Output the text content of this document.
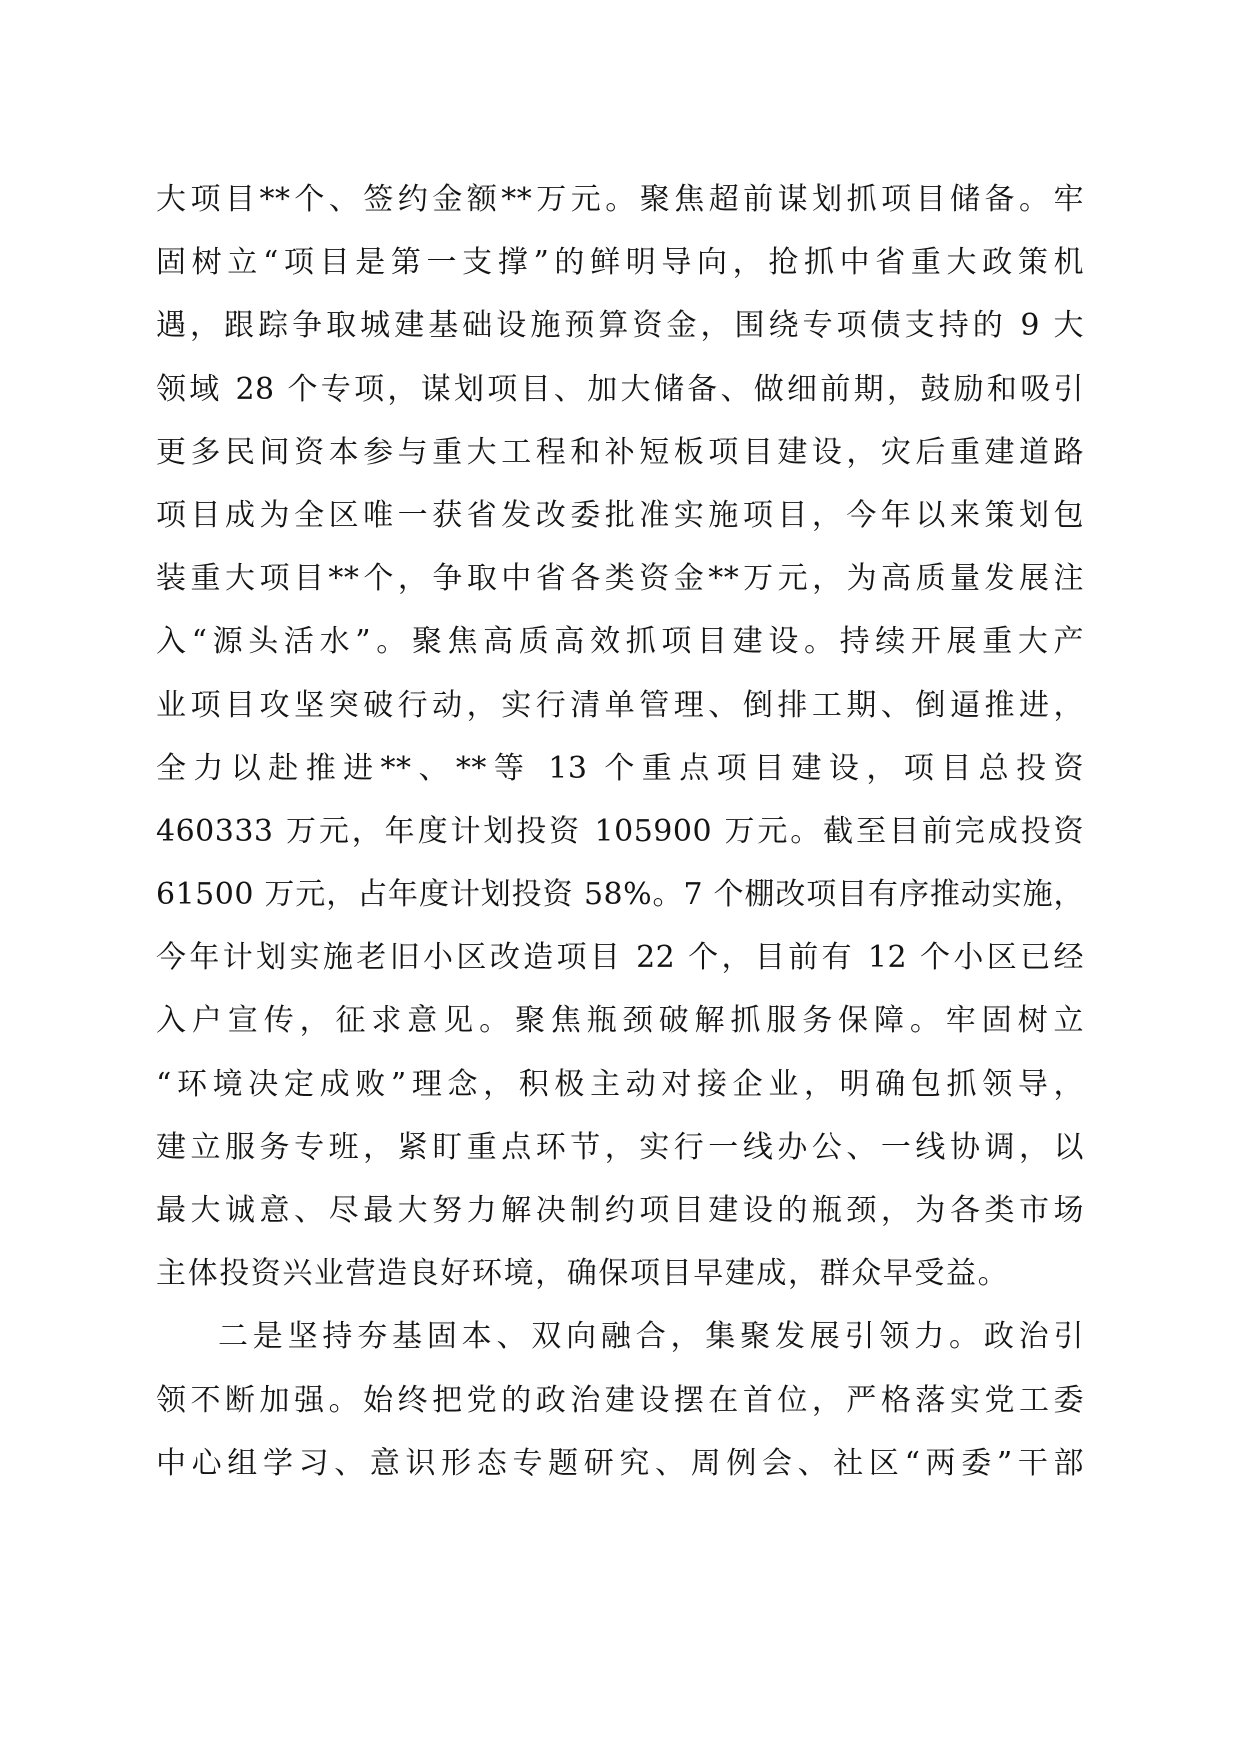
大项目**个、签约金额**万元。聚焦超前谋划抓项目储备。牢
固树立“项目是第一支撑”的鲜明导向，抢抓中省重大政策机
遇，跟踪争取城建基础设施预算资金，围绕专项债支持的 9 大
领域 28 个专项，谋划项目、加大储备、做细前期，鼓励和吸引
更多民间资本参与重大工程和补短板项目建设，灾后重建道路
项目成为全区唯一获省发改委批准实施项目，今年以来策划包
装重大项目**个，争取中省各类资金**万元，为高质量发展注
入“源头活水”。聚焦高质高效抓项目建设。持续开展重大产
业项目攻坚突破行动，实行清单管理、倒排工期、倒逼推进，
全力以赴推进**、**等 13 个重点项目建设，项目总投资
460333 万元，年度计划投资 105900 万元。截至目前完成投资
61500 万元，占年度计划投资 58%。7 个棚改项目有序推动实施，
今年计划实施老旧小区改造项目 22 个，目前有 12 个小区已经
入户宣传，征求意见。聚焦瓶颈破解抓服务保障。牢固树立
“环境决定成败”理念，积极主动对接企业，明确包抓领导，
建立服务专班，紧盯重点环节，实行一线办公、一线协调，以
最大诚意、尽最大努力解决制约项目建设的瓶颈，为各类市场
主体投资兴业营造良好环境，确保项目早建成，群众早受益。
二是坚持夯基固本、双向融合，集聚发展引领力。政治引
领不断加强。始终把党的政治建设摆在首位，严格落实党工委
中心组学习、意识形态专题研究、周例会、社区“两委”干部
